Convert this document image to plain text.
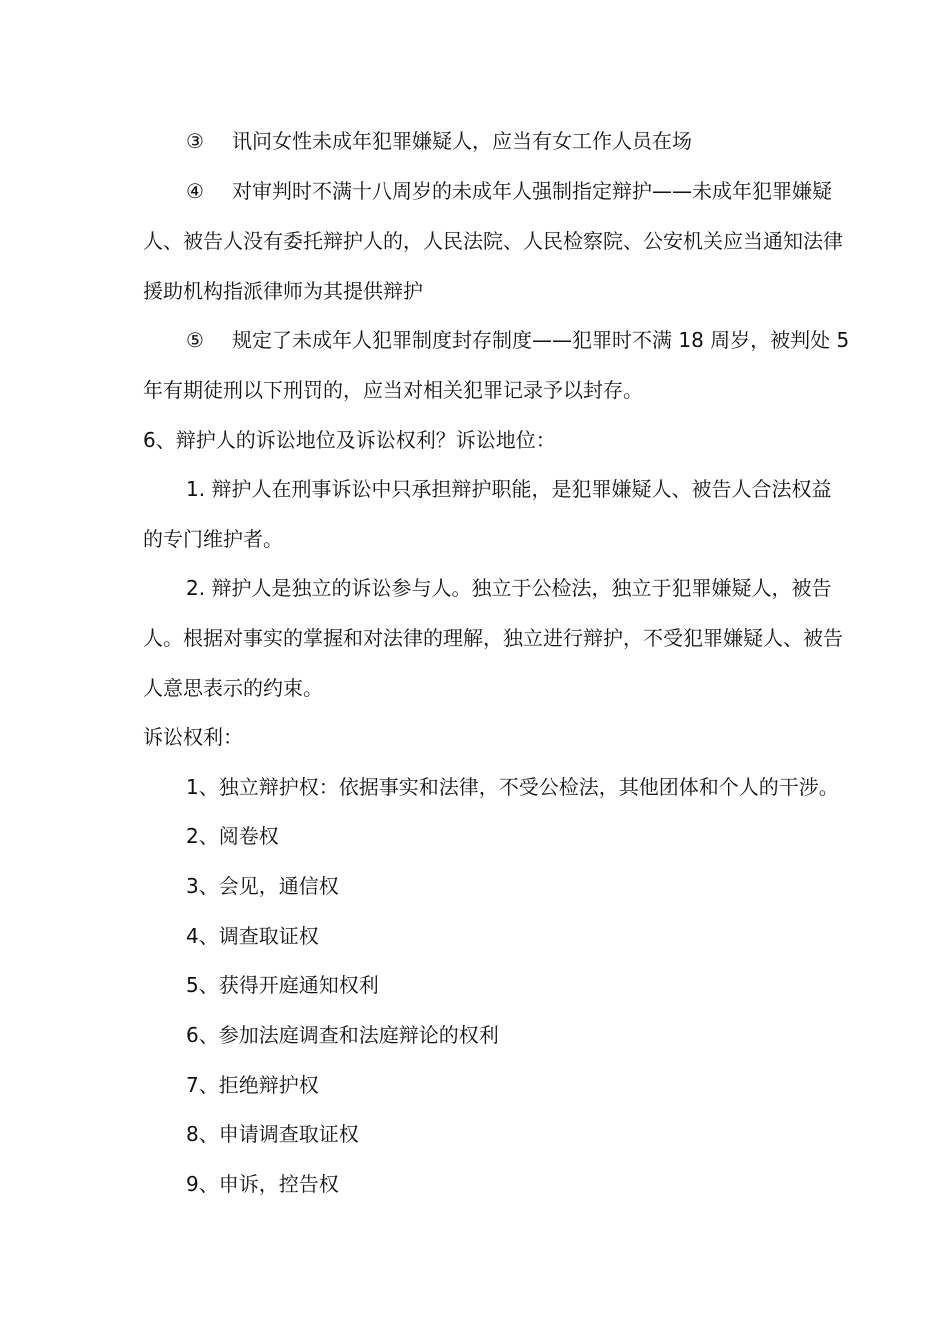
③ 讯问女性未成年犯罪嫌疑人，应当有女工作人员在场
④ 对审判时不满十八周岁的未成年人强制指定辩护——未成年犯罪嫌疑
人、被告人没有委托辩护人的，人民法院、人民检察院、公安机关应当通知法律
援助机构指派律师为其提供辩护
⑤ 规定了未成年人犯罪制度封存制度——犯罪时不满 18 周岁，被判处 5
年有期徒刑以下刑罚的，应当对相关犯罪记录予以封存。
6、辩护人的诉讼地位及诉讼权利？诉讼地位：
1. 辩护人在刑事诉讼中只承担辩护职能，是犯罪嫌疑人、被告人合法权益
的专门维护者。
2. 辩护人是独立的诉讼参与人。独立于公检法，独立于犯罪嫌疑人，被告
人。根据对事实的掌握和对法律的理解，独立进行辩护，不受犯罪嫌疑人、被告
人意思表示的约束。
诉讼权利：
1、独立辩护权：依据事实和法律，不受公检法，其他团体和个人的干涉。
2、阅卷权
3、会见，通信权
4、调查取证权
5、获得开庭通知权利
6、参加法庭调查和法庭辩论的权利
7、拒绝辩护权
8、申请调查取证权
9、申诉，控告权
